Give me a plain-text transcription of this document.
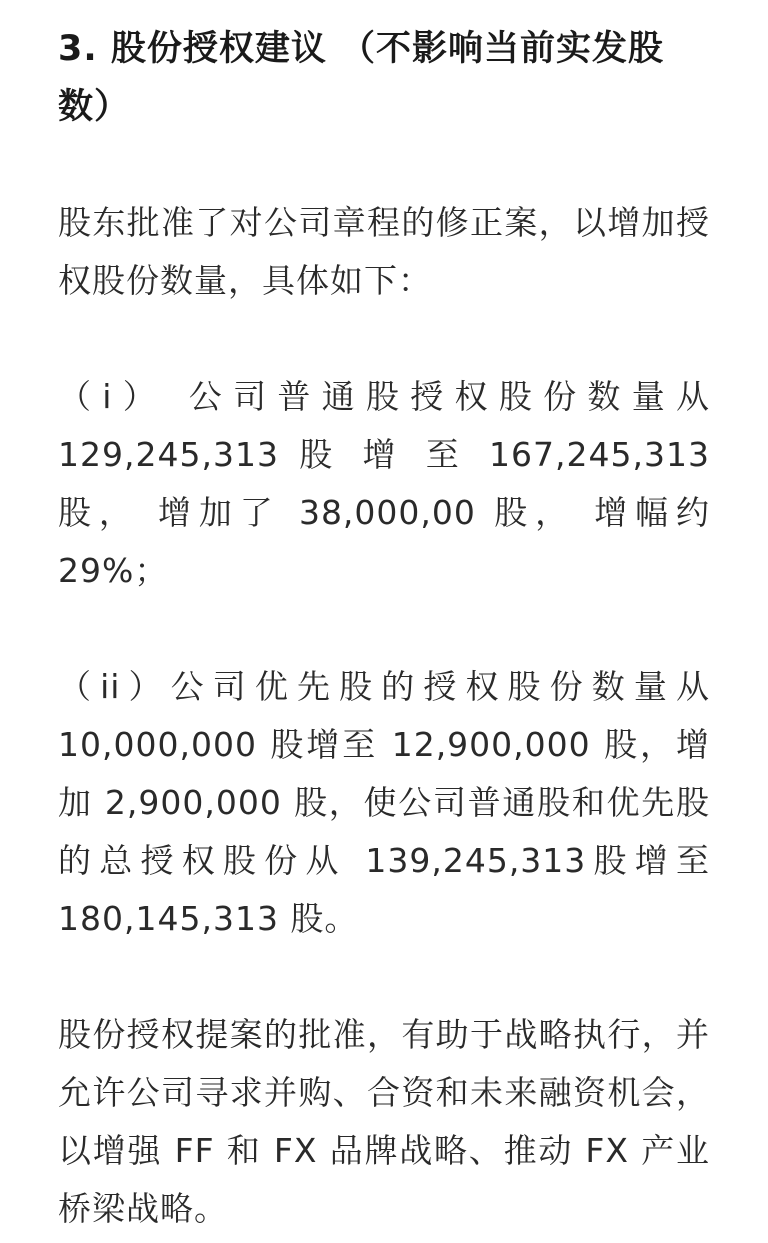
3. 股份授权建议 （不影响当前实发股数）

股东批准了对公司章程的修正案，以增加授权股份数量，具体如下：

（i） 公司普通股授权股份数量从129,245,313 股 增 至 167,245,313股， 增加了 38,000,00 股， 增幅约29%；

（ii）公司优先股的授权股份数量从10,000,000 股增至 12,900,000 股，增加 2,900,000 股，使公司普通股和优先股的总授权股份从 139,245,313股增至 180,145,313 股。

股份授权提案的批准，有助于战略执行，并允许公司寻求并购、合资和未来融资机会，以增强 FF 和 FX 品牌战略、推动 FX 产业桥梁战略。
